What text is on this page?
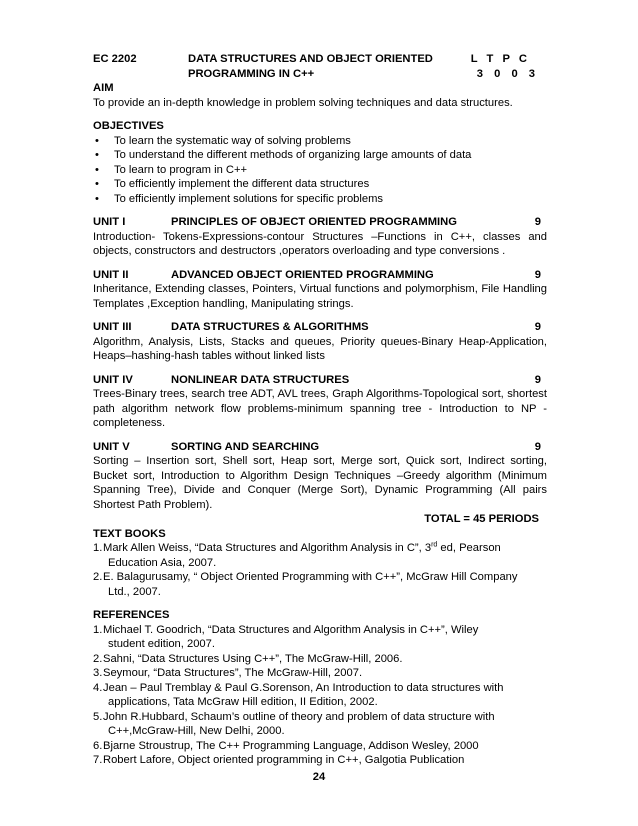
EC 2202	DATA STRUCTURES AND OBJECT ORIENTED
PROGRAMMING IN C++
L T P C
3 0 0 3
AIM
To provide an in-depth knowledge in problem solving techniques and data structures.
OBJECTIVES
• To learn the systematic way of solving problems
• To understand the different methods of organizing large amounts of data
• To learn to program in C++
• To efficiently implement the different data structures
• To efficiently implement solutions for specific problems
UNIT I	PRINCIPLES OF OBJECT ORIENTED PROGRAMMING	9
Introduction- Tokens-Expressions-contour Structures –Functions in C++, classes and objects, constructors and destructors ,operators overloading and type conversions .
UNIT II	ADVANCED OBJECT ORIENTED PROGRAMMING	9
Inheritance, Extending classes, Pointers, Virtual functions and polymorphism, File Handling Templates ,Exception handling, Manipulating strings.
UNIT III	DATA STRUCTURES & ALGORITHMS	9
Algorithm, Analysis, Lists, Stacks and queues, Priority queues-Binary Heap-Application, Heaps–hashing-hash tables without linked lists
UNIT IV	NONLINEAR DATA STRUCTURES	9
Trees-Binary trees, search tree ADT, AVL trees, Graph Algorithms-Topological sort, shortest path algorithm network flow problems-minimum spanning tree - Introduction to NP - completeness.
UNIT V	SORTING AND SEARCHING	9
Sorting – Insertion sort, Shell sort, Heap sort, Merge sort, Quick sort, Indirect sorting, Bucket sort, Introduction to Algorithm Design Techniques –Greedy algorithm (Minimum Spanning Tree), Divide and Conquer (Merge Sort), Dynamic Programming (All pairs Shortest Path Problem).
TOTAL = 45 PERIODS
TEXT BOOKS
1. Mark Allen Weiss, “Data Structures and Algorithm Analysis in C”, 3rd ed, Pearson
Education Asia, 2007.
2. E. Balagurusamy, “ Object Oriented Programming with C++”, McGraw Hill Company
Ltd., 2007.
REFERENCES
1. Michael T. Goodrich, “Data Structures and Algorithm Analysis in C++”, Wiley
student edition, 2007.
2. Sahni, “Data Structures Using C++”, The McGraw-Hill, 2006.
3. Seymour, “Data Structures”, The McGraw-Hill, 2007.
4. Jean – Paul Tremblay & Paul G.Sorenson, An Introduction to data structures with
applications, Tata McGraw Hill edition, II Edition, 2002.
5. John R.Hubbard, Schaum’s outline of theory and problem of data structure with
C++,McGraw-Hill, New Delhi, 2000.
6. Bjarne Stroustrup, The C++ Programming Language, Addison Wesley, 2000
7. Robert Lafore, Object oriented programming in C++, Galgotia Publication
24
